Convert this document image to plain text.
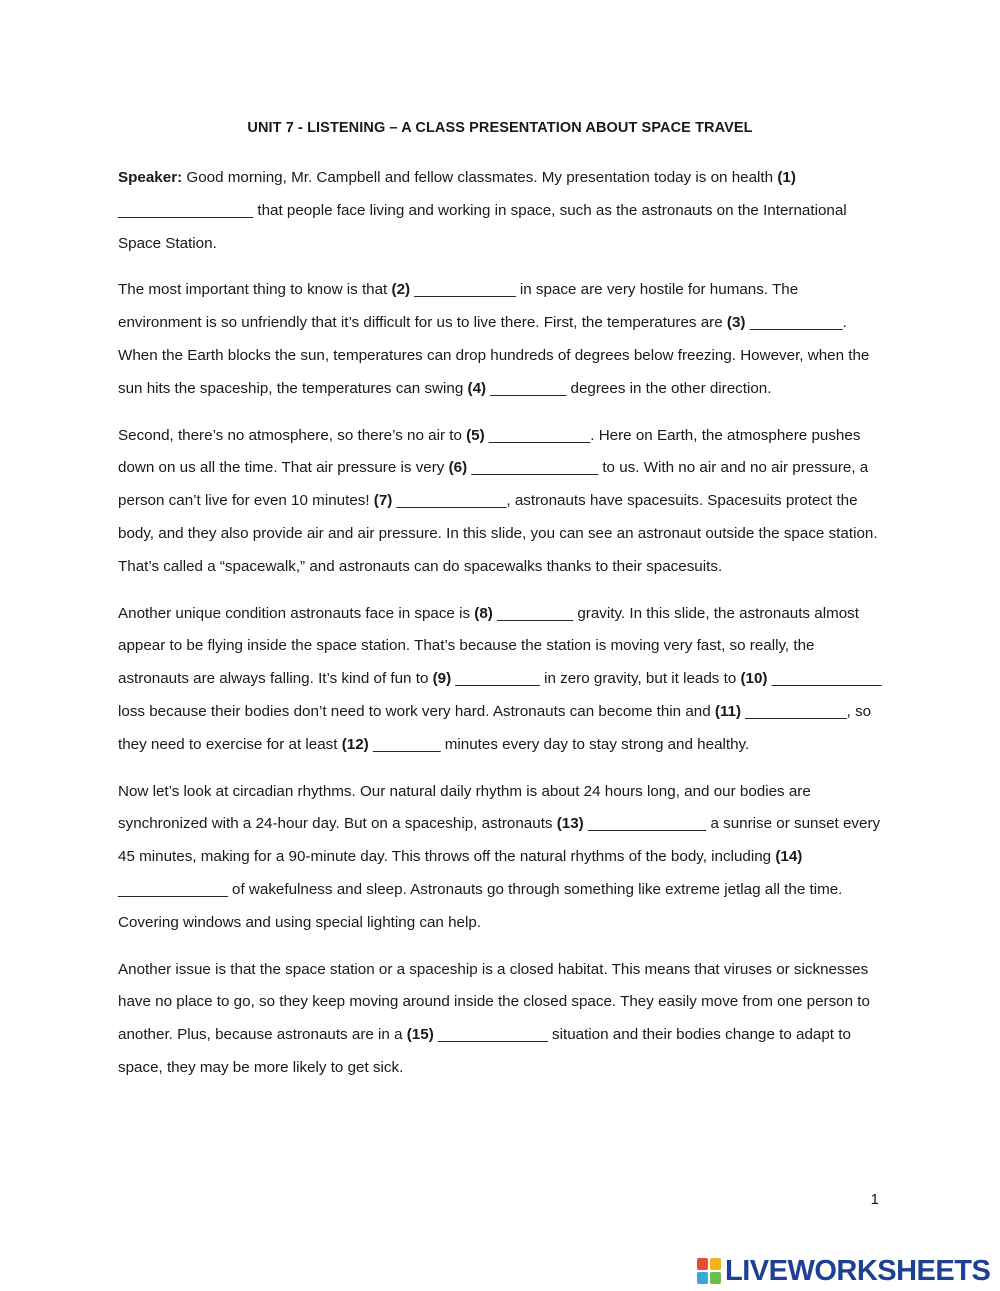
UNIT 7 - LISTENING – A CLASS PRESENTATION ABOUT SPACE TRAVEL

Speaker: Good morning, Mr. Campbell and fellow classmates. My presentation today is on health (1) ________________ that people face living and working in space, such as the astronauts on the International Space Station.

The most important thing to know is that (2) ____________ in space are very hostile for humans. The environment is so unfriendly that it’s difficult for us to live there. First, the temperatures are (3) ___________. When the Earth blocks the sun, temperatures can drop hundreds of degrees below freezing. However, when the sun hits the spaceship, the temperatures can swing (4) _________ degrees in the other direction.

Second, there’s no atmosphere, so there’s no air to (5) ____________. Here on Earth, the atmosphere pushes down on us all the time. That air pressure is very (6) _______________ to us. With no air and no air pressure, a person can’t live for even 10 minutes! (7) _____________, astronauts have spacesuits. Spacesuits protect the body, and they also provide air and air pressure. In this slide, you can see an astronaut outside the space station. That’s called a “spacewalk,” and astronauts can do spacewalks thanks to their spacesuits.

Another unique condition astronauts face in space is (8) _________ gravity. In this slide, the astronauts almost appear to be flying inside the space station. That’s because the station is moving very fast, so really, the astronauts are always falling. It’s kind of fun to (9) __________ in zero gravity, but it leads to (10) _____________ loss because their bodies don’t need to work very hard. Astronauts can become thin and (11) ____________, so they need to exercise for at least (12) ________ minutes every day to stay strong and healthy.

Now let’s look at circadian rhythms. Our natural daily rhythm is about 24 hours long, and our bodies are synchronized with a 24-hour day. But on a spaceship, astronauts (13) ______________ a sunrise or sunset every 45 minutes, making for a 90-minute day. This throws off the natural rhythms of the body, including (14) _____________ of wakefulness and sleep. Astronauts go through something like extreme jetlag all the time. Covering windows and using special lighting can help.

Another issue is that the space station or a spaceship is a closed habitat. This means that viruses or sicknesses have no place to go, so they keep moving around inside the closed space. They easily move from one person to another. Plus, because astronauts are in a (15) _____________ situation and their bodies change to adapt to space, they may be more likely to get sick.

1
LIVEWORKSHEETS
